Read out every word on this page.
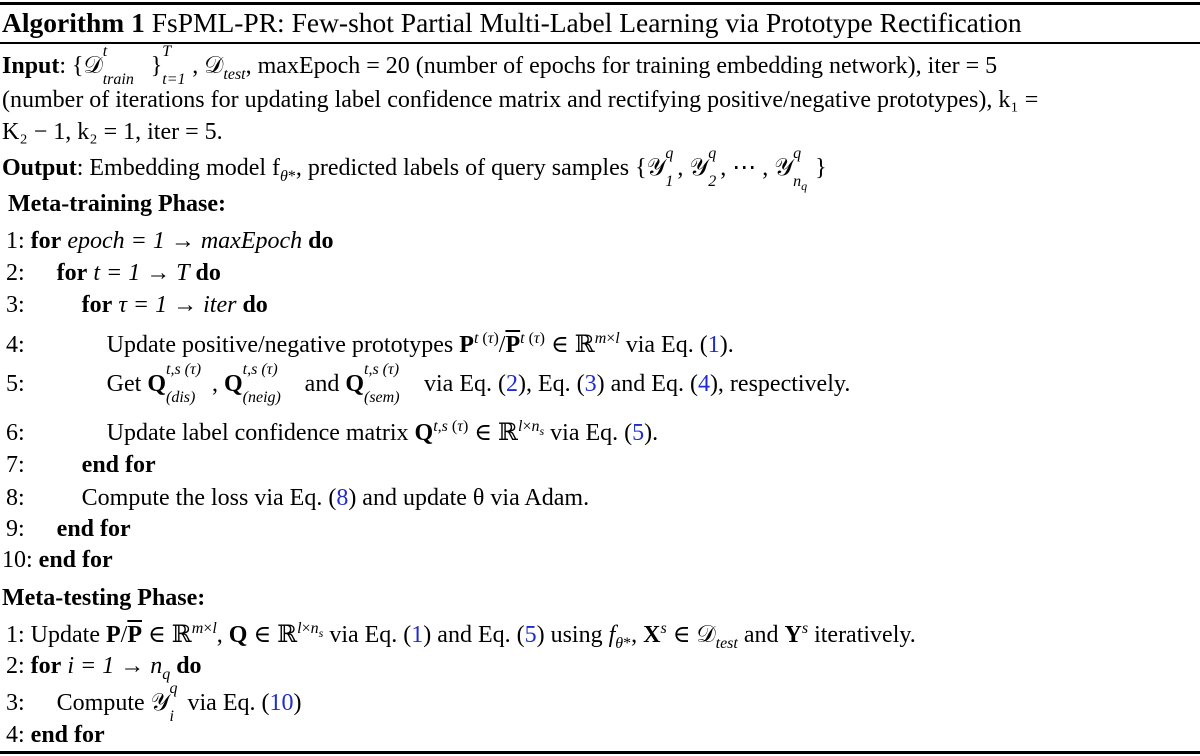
Algorithm 1 FsPML-PR: Few-shot Partial Multi-Label Learning via Prototype Rectification
Input: {𝒟
t
train
}
T
t=1
, 𝒟$_{test}$, maxEpoch = 20 (number of epochs for training embedding network), iter = 5
(number of iterations for updating label confidence matrix and rectifying positive/negative prototypes), k₁ =
K₂ − 1, k₂ = 1, iter = 5.
Output: Embedding model $f_{\theta*}$, predicted labels of query samples {𝒴
q
1
, 𝒴
q
2
, ⋯ , 𝒴
q
$n_q$
}
Meta-training Phase:
1: for epoch = 1 → maxEpoch do
2: for t = 1 → T do
3: for τ = 1 → iter do
4:	Update positive/negative prototypes $P^{t (\tau)}/\overline{P}^{t (\tau)}$ ∈ ℝ$^{m\times l}$ via Eq. (1).
5:	Get Q
t,s (τ)
(dis)
, Q
t,s (τ)
(neig)
and Q
t,s (τ)
(sem)
via Eq. (2), Eq. (3) and Eq. (4), respectively.
6:	Update label confidence matrix $Q^{t,s (\tau)}$ ∈ ℝ$^{l\times n_s}$ via Eq. (5).
7: end for
8: Compute the loss via Eq. (8) and update θ via Adam.
9: end for
10: end for
Meta-testing Phase:
1: Update $P/\overline{P}$ ∈ ℝ$^{m\times l}$, Q ∈ ℝ$^{l\times n_s}$ via Eq. (1) and Eq. (5) using $f_{\theta*}$, $X^s$ ∈ 𝒟$_{test}$ and $Y^s$ iteratively.
2: for $i = 1 \to n_q$ do
3: Compute 𝒴
q
i
via Eq. (10)
4: end for
